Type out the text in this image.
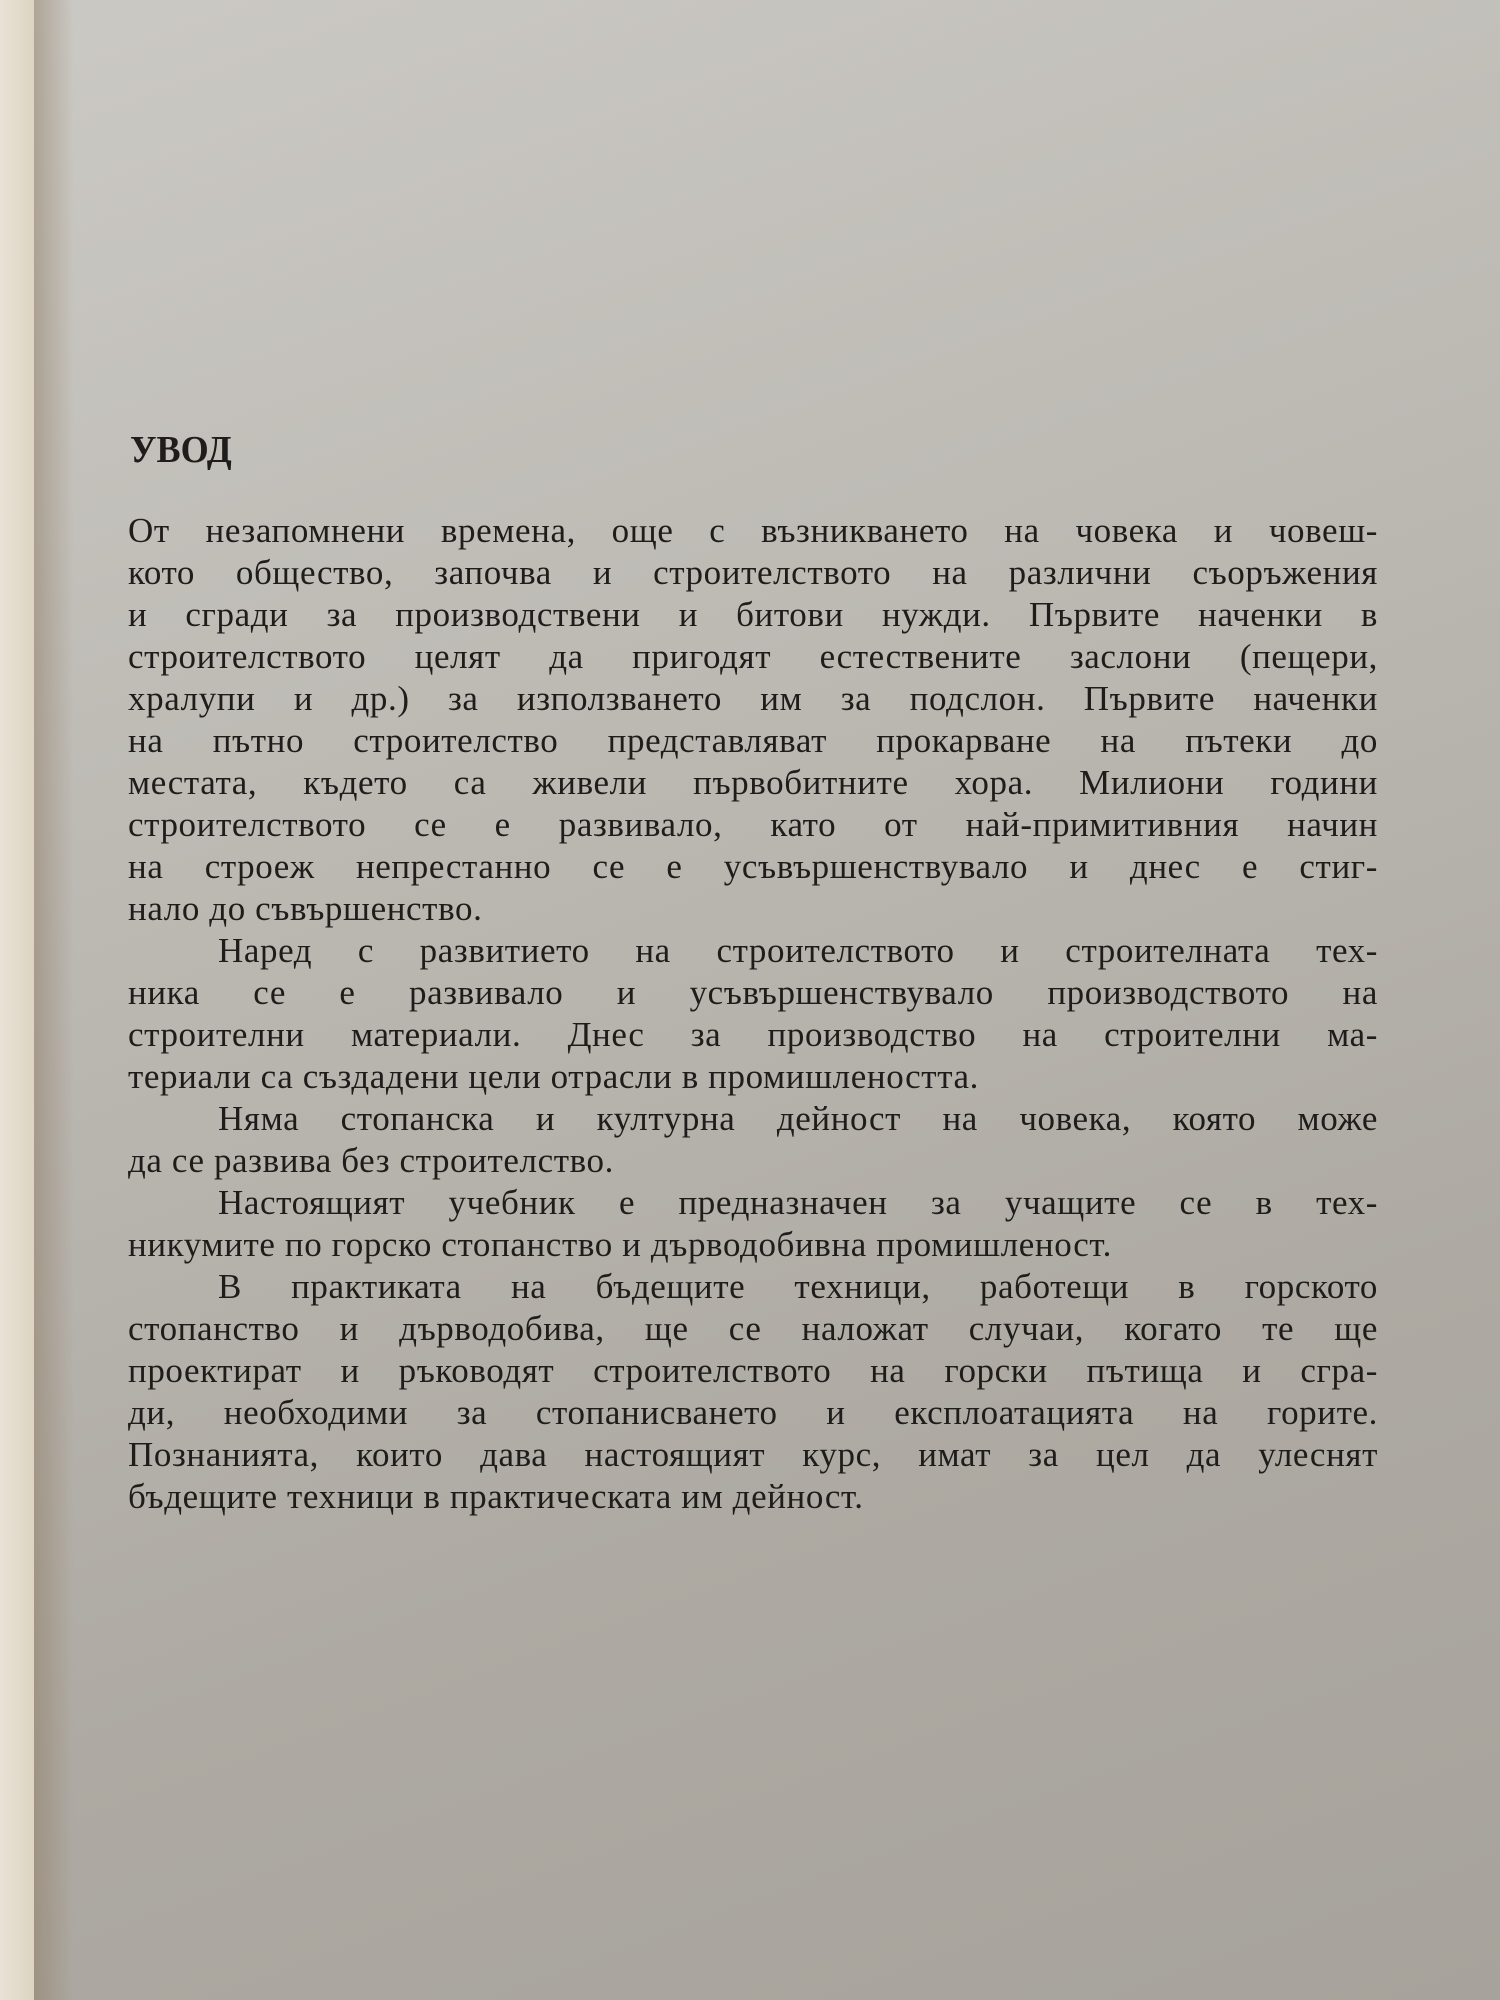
УВОД
От незапомнени времена, още с възникването на човека и човеш-
кото общество, започва и строителството на различни съоръжения
и сгради за производствени и битови нужди. Първите наченки в
строителството целят да пригодят естествените заслони (пещери,
хралупи и др.) за използването им за подслон. Първите наченки
на пътно строителство представляват прокарване на пътеки до
местата, където са живели първобитните хора. Милиони години
строителството се е развивало, като от най-примитивния начин
на строеж непрестанно се е усъвършенствувало и днес е стиг-
нало до съвършенство.
Наред с развитието на строителството и строителната тех-
ника се е развивало и усъвършенствувало производството на
строителни материали. Днес за производство на строителни ма-
териали са създадени цели отрасли в промишлеността.
Няма стопанска и културна дейност на човека, която може
да се развива без строителство.
Настоящият учебник е предназначен за учащите се в тех-
никумите по горско стопанство и дърводобивна промишленост.
В практиката на бъдещите техници, работещи в горското
стопанство и дърводобива, ще се наложат случаи, когато те ще
проектират и ръководят строителството на горски пътища и сгра-
ди, необходими за стопанисването и експлоатацията на горите.
Познанията, които дава настоящият курс, имат за цел да улеснят
бъдещите техници в практическата им дейност.
